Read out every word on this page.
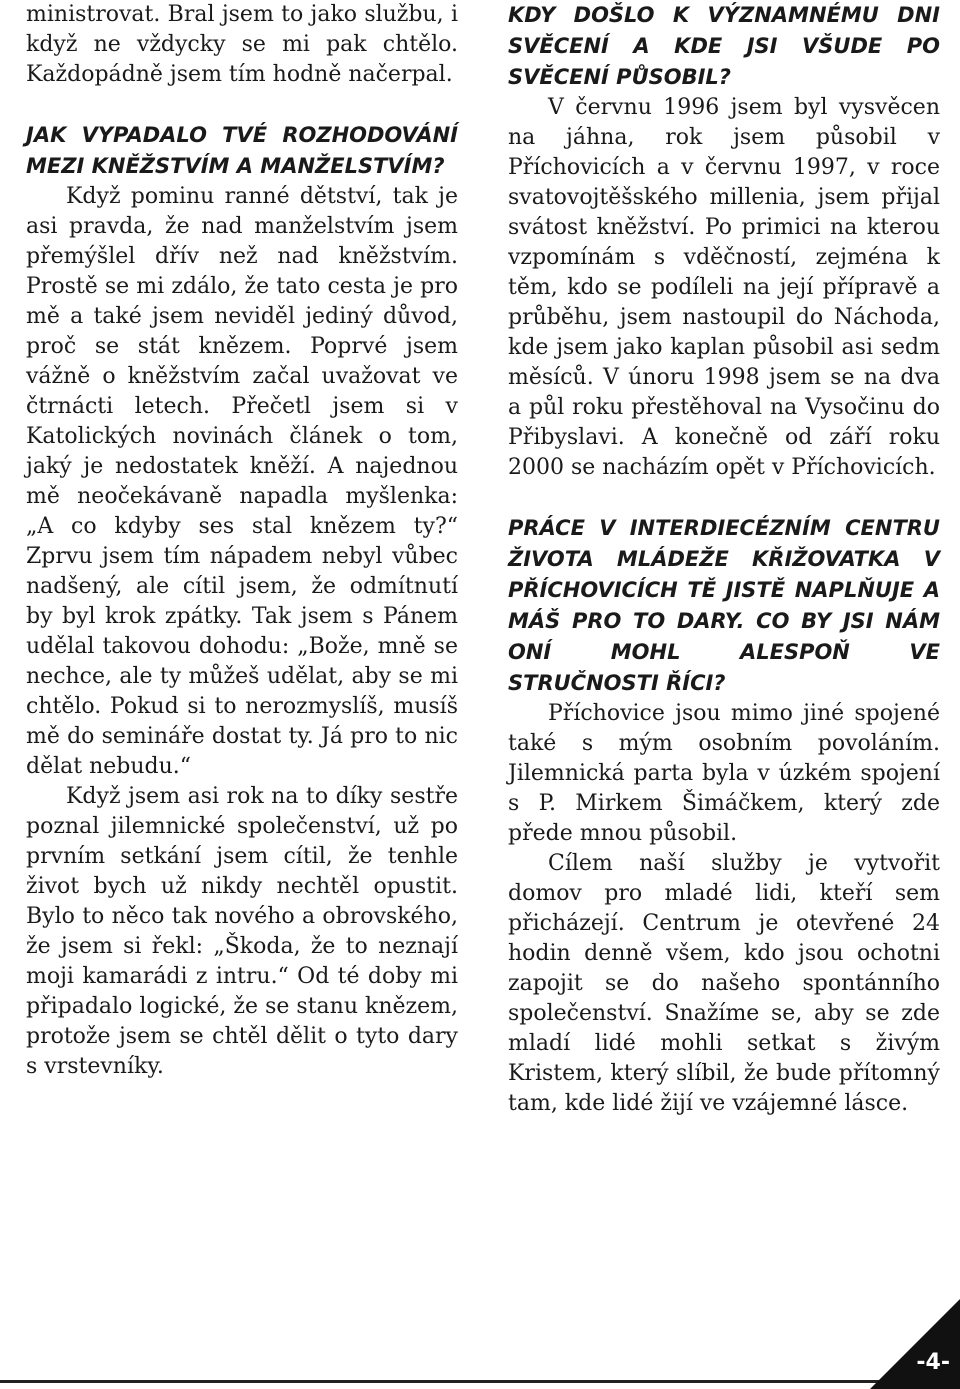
ministrovat. Bral jsem to jako službu, i když ne vždycky se mi pak chtělo. Každopádně jsem tím hodně načerpal.

JAK VYPADALO TVÉ ROZHODOVÁNÍ MEZI KNĚŽSTVÍM A MANŽELSTVÍM?

Když pominu ranné dětství, tak je asi pravda, že nad manželstvím jsem přemýšlel dřív než nad kněžstvím. Prostě se mi zdálo, že tato cesta je pro mě a také jsem neviděl jediný důvod, proč se stát knězem. Poprvé jsem vážně o kněžstvím začal uvažovat ve čtrnácti letech. Přečetl jsem si v Katolických novinách článek o tom, jaký je nedostatek kněží. A najednou mě neočekávaně napadla myšlenka: „A co kdyby ses stal knězem ty?“ Zprvu jsem tím nápadem nebyl vůbec nadšený, ale cítil jsem, že odmítnutí by byl krok zpátky. Tak jsem s Pánem udělal takovou dohodu: „Bože, mně se nechce, ale ty můžeš udělat, aby se mi chtělo. Pokud si to nerozmyslíš, musíš mě do semináře dostat ty. Já pro to nic dělat nebudu.“

Když jsem asi rok na to díky sestře poznal jilemnické společenství, už po prvním setkání jsem cítil, že tenhle život bych už nikdy nechtěl opustit. Bylo to něco tak nového a obrovského, že jsem si řekl: „Škoda, že to neznají moji kamarádi z intru.“ Od té doby mi připadalo logické, že se stanu knězem, protože jsem se chtěl dělit o tyto dary s vrstevníky.

KDY DOŠLO K VÝZNAMNÉMU DNI SVĚCENÍ A KDE JSI VŠUDE PO SVĚCENÍ PŮSOBIL?

V červnu 1996 jsem byl vysvěcen na jáhna, rok jsem působil v Příchovicích a v červnu 1997, v roce svatovojtěšského millenia, jsem přijal svátost kněžství. Po primici na kterou vzpomínám s vděčností, zejména k těm, kdo se podíleli na její přípravě a průběhu, jsem nastoupil do Náchoda, kde jsem jako kaplan působil asi sedm měsíců. V únoru 1998 jsem se na dva a půl roku přestěhoval na Vysočinu do Přibyslavi. A konečně od září roku 2000 se nacházím opět v Příchovicích.

PRÁCE V INTERDIECÉZNÍM CENTRU ŽIVOTA MLÁDEŽE KŘIŽOVATKA V PŘÍCHOVICÍCH TĚ JISTĚ NAPLŇUJE A MÁŠ PRO TO DARY. CO BY JSI NÁM ONÍ MOHL ALESPOŇ VE STRUČNOSTI ŘÍCI?

Příchovice jsou mimo jiné spojené také s mým osobním povoláním. Jilemnická parta byla v úzkém spojení s P. Mirkem Šimáčkem, který zde přede mnou působil.

Cílem naší služby je vytvořit domov pro mladé lidi, kteří sem přicházejí. Centrum je otevřené 24 hodin denně všem, kdo jsou ochotni zapojit se do našeho spontánního společenství. Snažíme se, aby se zde mladí lidé mohli setkat s živým Kristem, který slíbil, že bude přítomný tam, kde lidé žijí ve vzájemné lásce.

-4-
